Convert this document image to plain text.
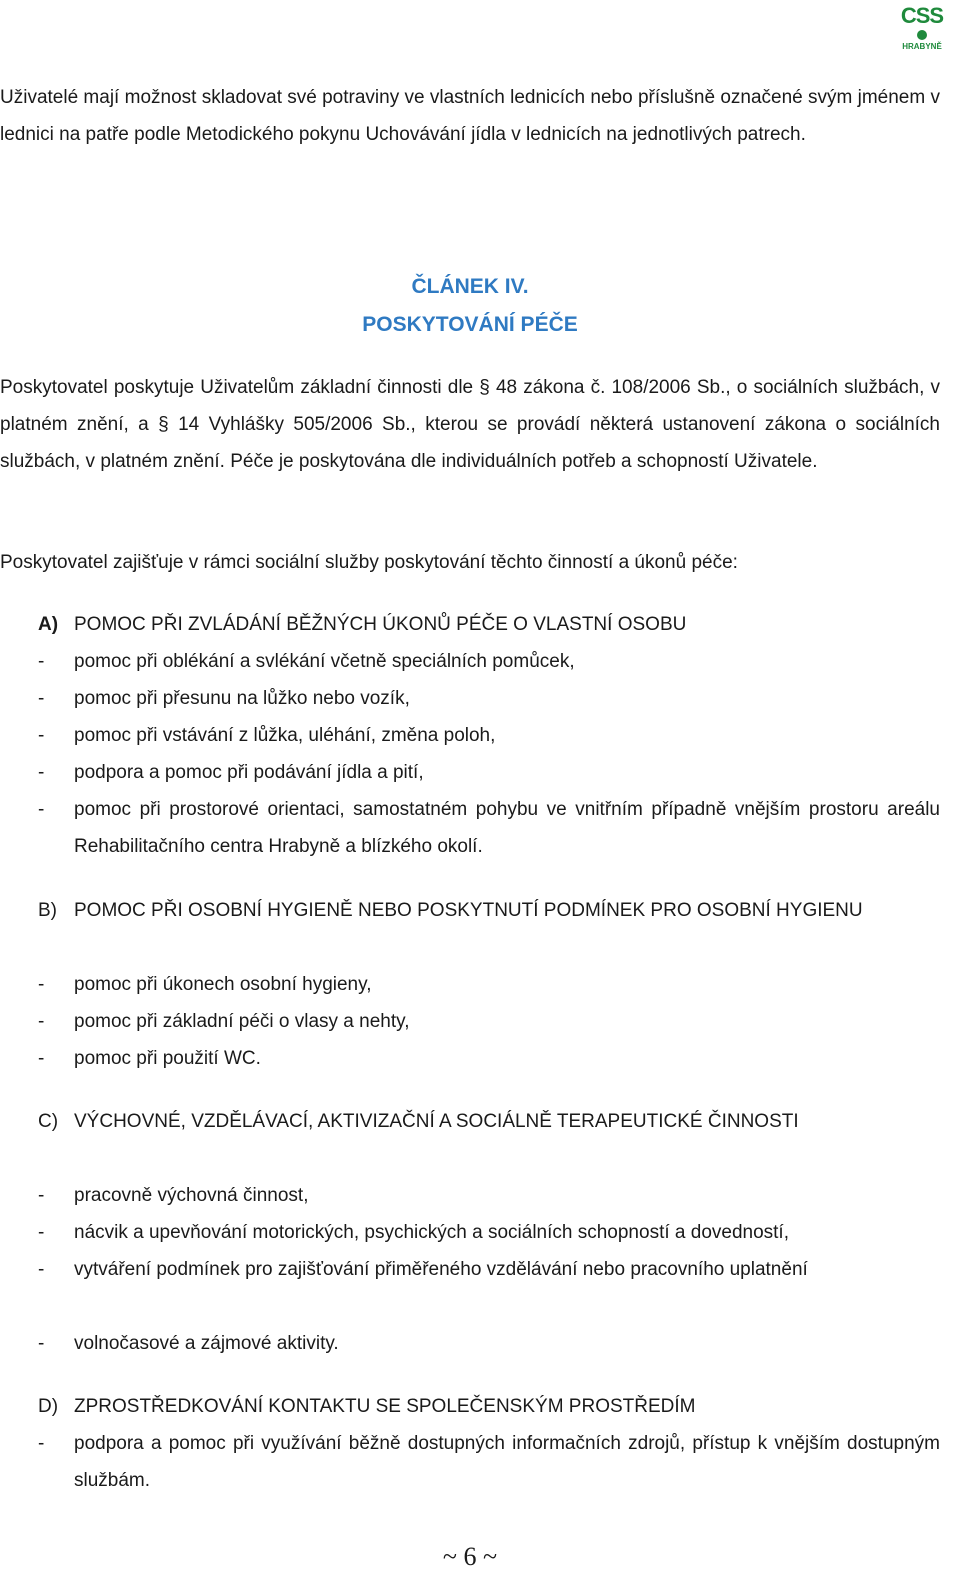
CSS
HRABYNĚ
Uživatelé mají možnost skladovat své potraviny ve vlastních lednicích nebo příslušně označené svým jménem v lednici na patře podle Metodického pokynu Uchovávání jídla v lednicích na jednotlivých patrech.
ČLÁNEK IV.
POSKYTOVÁNÍ PÉČE
Poskytovatel poskytuje Uživatelům základní činnosti dle § 48 zákona č. 108/2006 Sb., o sociálních službách, v platném znění, a § 14 Vyhlášky 505/2006 Sb., kterou se provádí některá ustanovení zákona o sociálních službách, v platném znění. Péče je poskytována dle individuálních potřeb a schopností Uživatele.
Poskytovatel zajišťuje v rámci sociální služby poskytování těchto činností a úkonů péče:
A) POMOC PŘI ZVLÁDÁNÍ BĚŽNÝCH ÚKONŮ PÉČE O VLASTNÍ OSOBU
- pomoc při oblékání a svlékání včetně speciálních pomůcek,
- pomoc při přesunu na lůžko nebo vozík,
- pomoc při vstávání z lůžka, uléhání, změna poloh,
- podpora a pomoc při podávání jídla a pití,
- pomoc při prostorové orientaci, samostatném pohybu ve vnitřním případně vnějším prostoru areálu Rehabilitačního centra Hrabyně a blízkého okolí.
B) POMOC PŘI OSOBNÍ HYGIENĚ NEBO POSKYTNUTÍ PODMÍNEK PRO OSOBNÍ HYGIENU
- pomoc při úkonech osobní hygieny,
- pomoc při základní péči o vlasy a nehty,
- pomoc při použití WC.
C) VÝCHOVNÉ, VZDĚLÁVACÍ, AKTIVIZAČNÍ A SOCIÁLNĚ TERAPEUTICKÉ ČINNOSTI
- pracovně výchovná činnost,
- nácvik a upevňování motorických, psychických a sociálních schopností a dovedností,
- vytváření podmínek pro zajišťování přiměřeného vzdělávání nebo pracovního uplatnění
- volnočasové a zájmové aktivity.
D) ZPROSTŘEDKOVÁNÍ KONTAKTU SE SPOLEČENSKÝM PROSTŘEDÍM
- podpora a pomoc při využívání běžně dostupných informačních zdrojů, přístup k vnějším dostupným službám.
~ 6 ~
